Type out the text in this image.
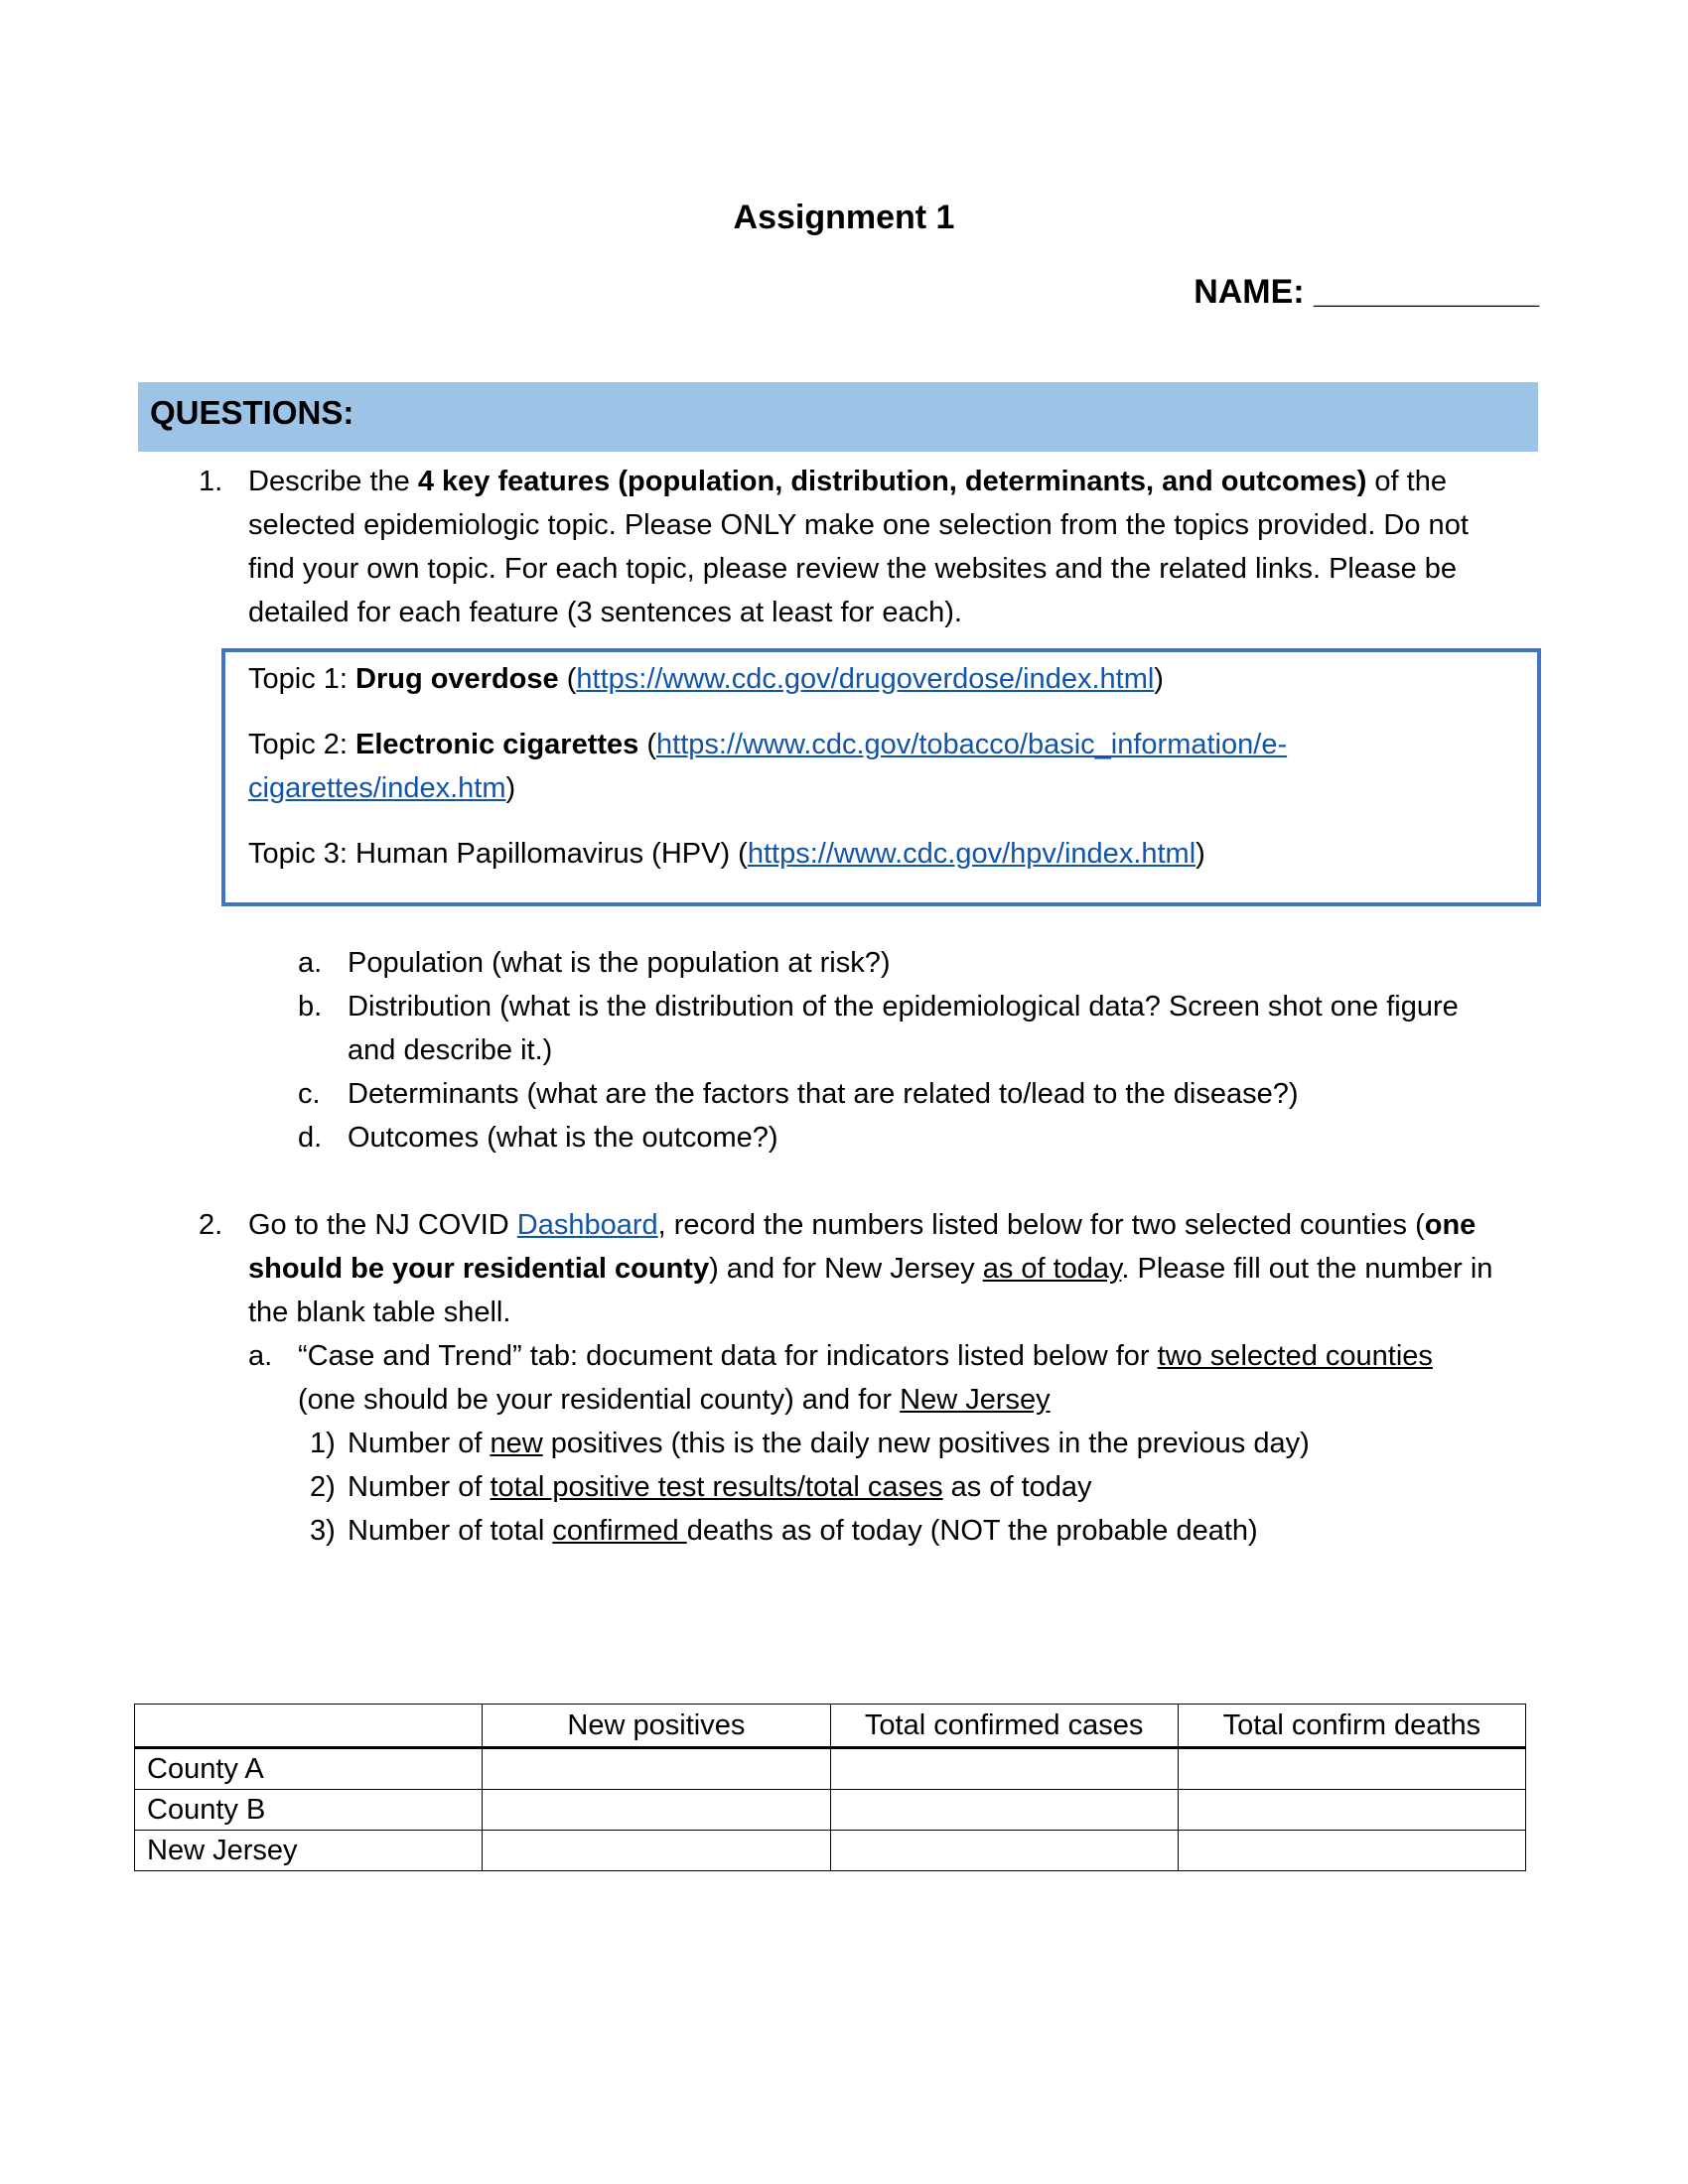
Assignment 1
NAME: ____________
QUESTIONS:
1. Describe the 4 key features (population, distribution, determinants, and outcomes) of the
selected epidemiologic topic. Please ONLY make one selection from the topics provided. Do not
find your own topic. For each topic, please review the websites and the related links. Please be
detailed for each feature (3 sentences at least for each).
Topic 1: Drug overdose (https://www.cdc.gov/drugoverdose/index.html)
Topic 2: Electronic cigarettes (https://www.cdc.gov/tobacco/basic_information/e-
cigarettes/index.htm)
Topic 3: Human Papillomavirus (HPV) (https://www.cdc.gov/hpv/index.html)
a. Population (what is the population at risk?)
b. Distribution (what is the distribution of the epidemiological data? Screen shot one figure
and describe it.)
c. Determinants (what are the factors that are related to/lead to the disease?)
d. Outcomes (what is the outcome?)
2. Go to the NJ COVID Dashboard, record the numbers listed below for two selected counties (one
should be your residential county) and for New Jersey as of today. Please fill out the number in
the blank table shell.
a. “Case and Trend” tab: document data for indicators listed below for two selected counties
(one should be your residential county) and for New Jersey
1) Number of new positives (this is the daily new positives in the previous day)
2) Number of total positive test results/total cases as of today
3) Number of total confirmed deaths as of today (NOT the probable death)
	New positives	Total confirmed cases	Total confirm deaths
County A			
County B			
New Jersey			
